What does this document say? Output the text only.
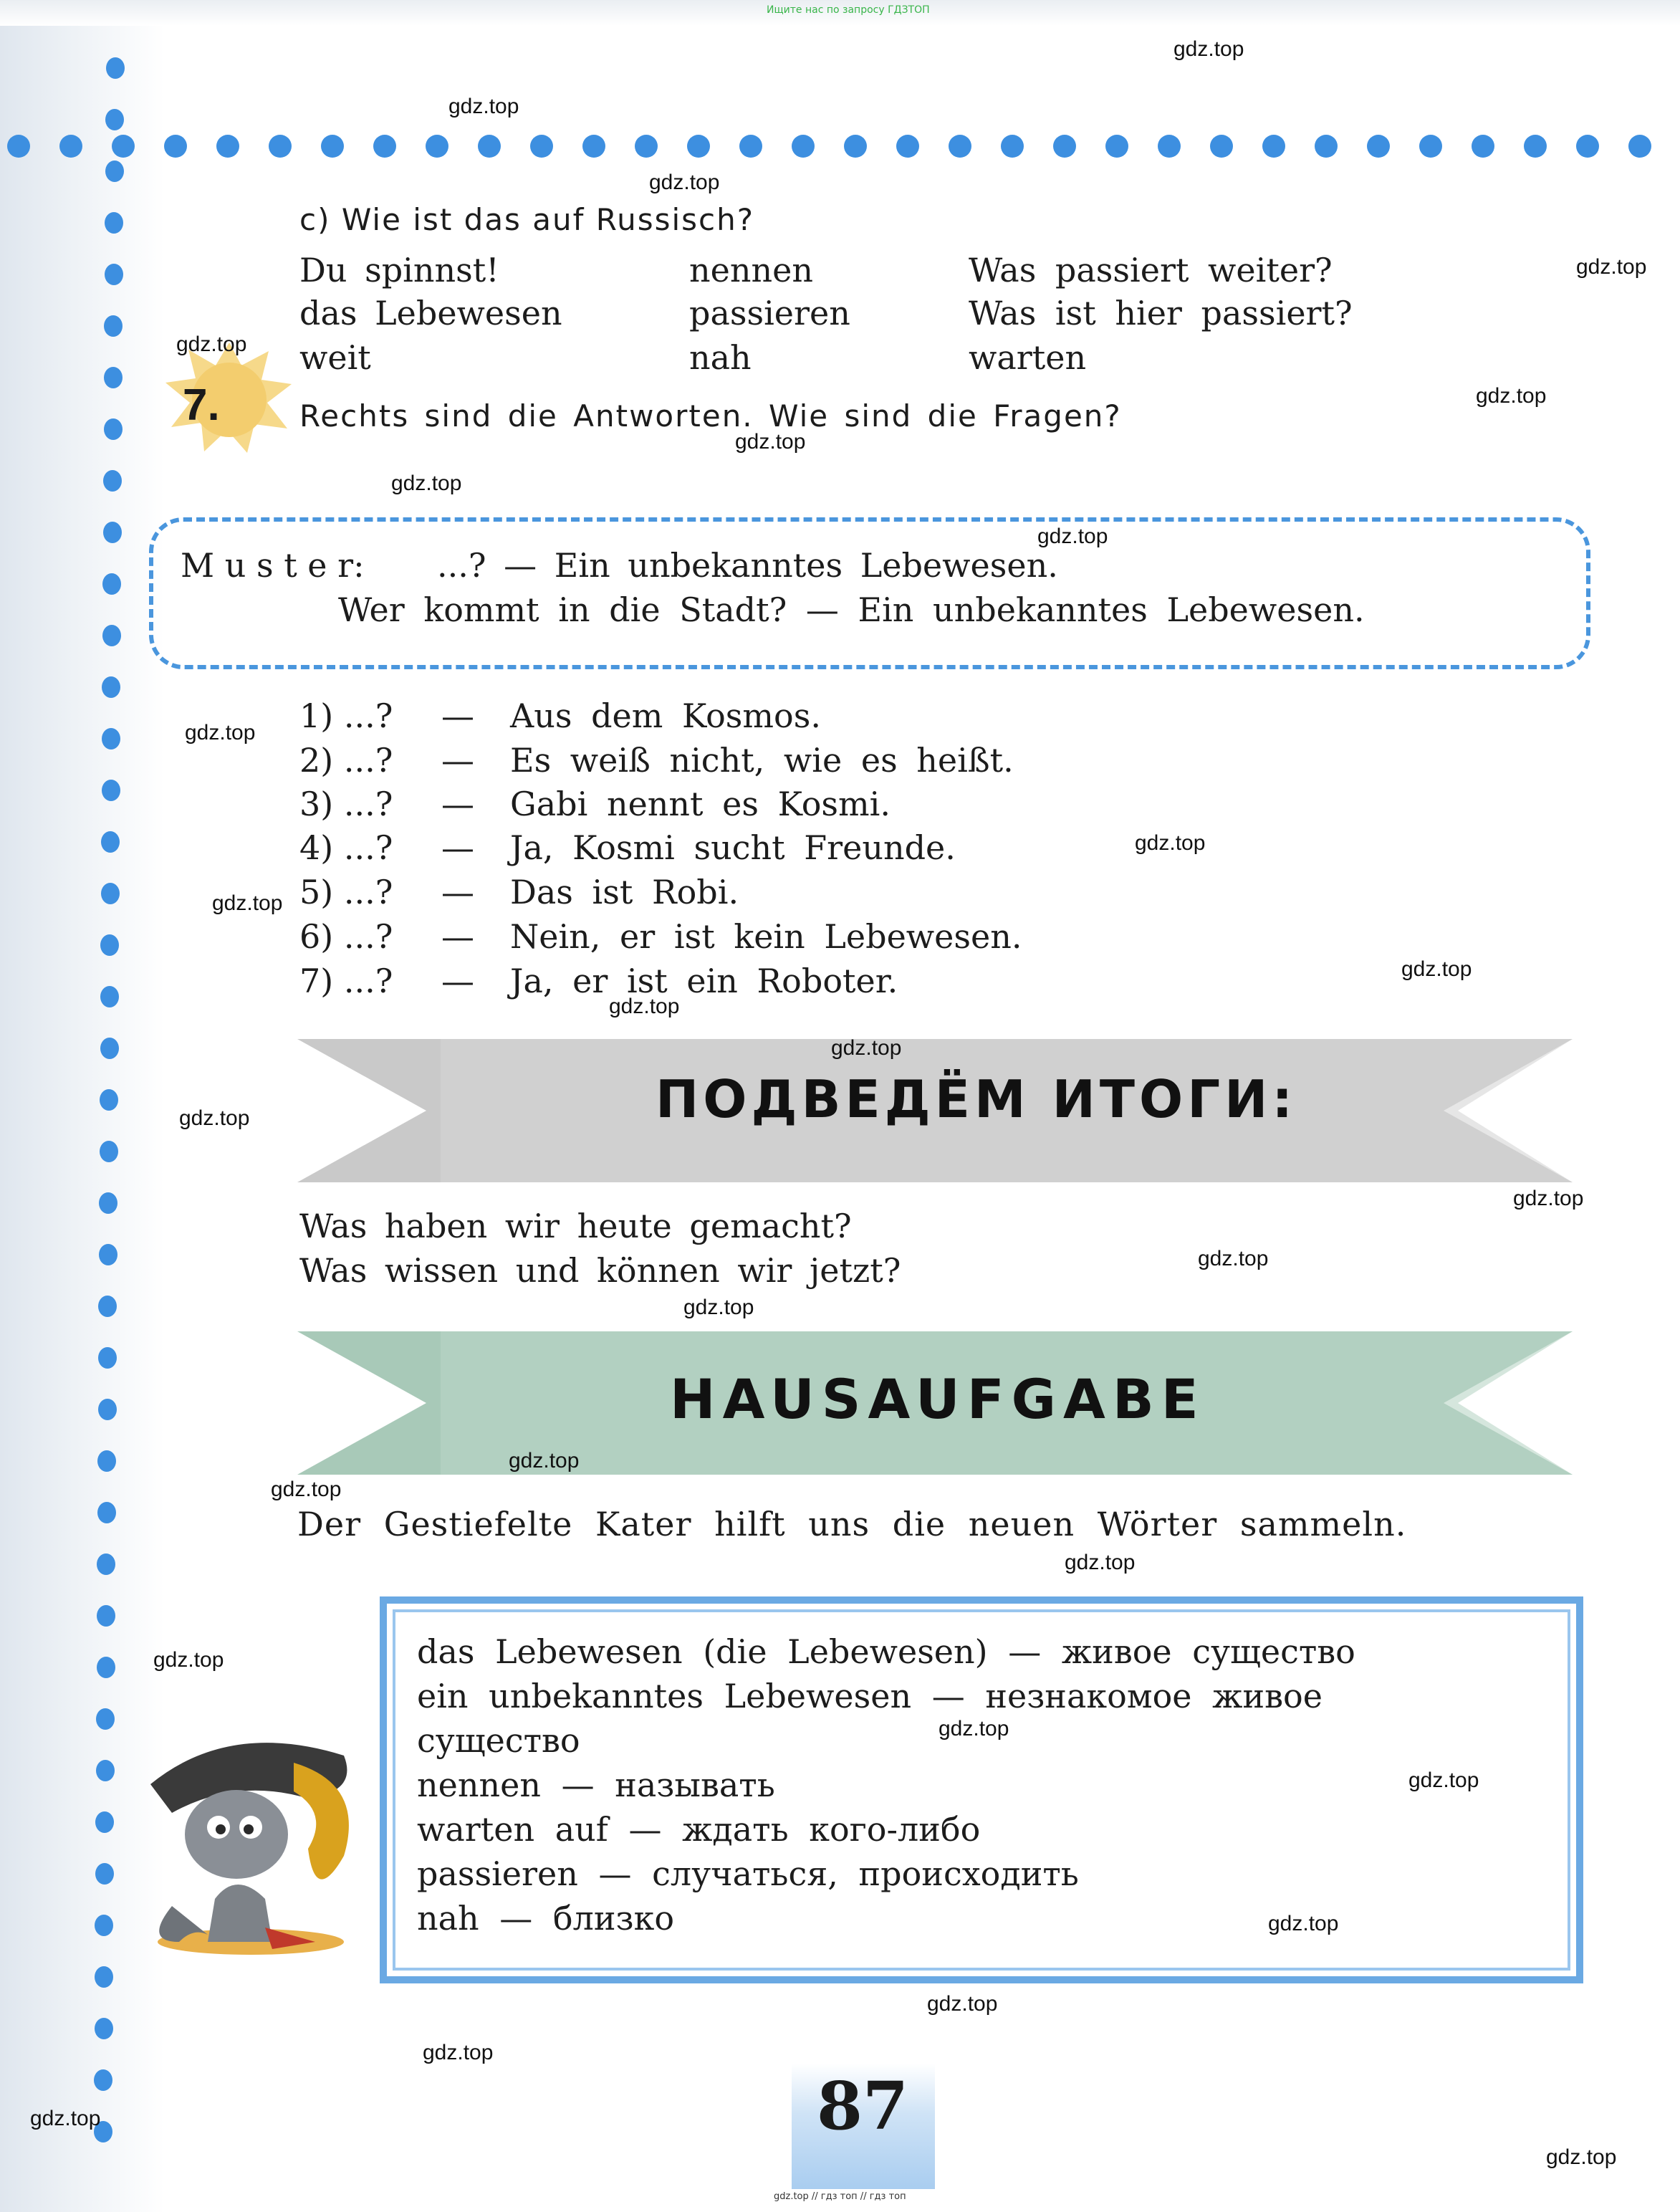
Ищите нас по запросу ГДЗТОП
c) Wie ist das auf Russisch?
Du spinnst!
das Lebewesen
weit
nennen
passieren
nah
Was passiert weiter?
Was ist hier passiert?
warten
7.	Rechts sind die Antworten. Wie sind die Fragen?
M u s t e r: ...? — Ein unbekanntes Lebewesen.
Wer kommt in die Stadt? — Ein unbekanntes Lebewesen.
1) ...? — Aus dem Kosmos.
2) ...? — Es weiß nicht, wie es heißt.
3) ...? — Gabi nennt es Kosmi.
4) ...? — Ja, Kosmi sucht Freunde.
5) ...? — Das ist Robi.
6) ...? — Nein, er ist kein Lebewesen.
7) ...? — Ja, er ist ein Roboter.
ПОДВЕДЁМ ИТОГИ:
Was haben wir heute gemacht?
Was wissen und können wir jetzt?
HAUSAUFGABE
Der Gestiefelte Kater hilft uns die neuen Wörter sammeln.
das Lebewesen (die Lebewesen) — живое существо
ein unbekanntes Lebewesen — незнакомое живое
существо
nennen — называть
warten auf — ждать кого-либо
passieren — случаться, происходить
nah — близко
87
gdz.top // гдз топ // гдз топ
gdz.top
gdz.top
gdz.top
gdz.top
gdz.top
gdz.top
gdz.top
gdz.top
gdz.top
gdz.top
gdz.top
gdz.top
gdz.top
gdz.top
gdz.top
gdz.top
gdz.top
gdz.top
gdz.top
gdz.top
gdz.top
gdz.top
gdz.top
gdz.top
gdz.top
gdz.top
gdz.top
gdz.top
gdz.top
gdz.top
